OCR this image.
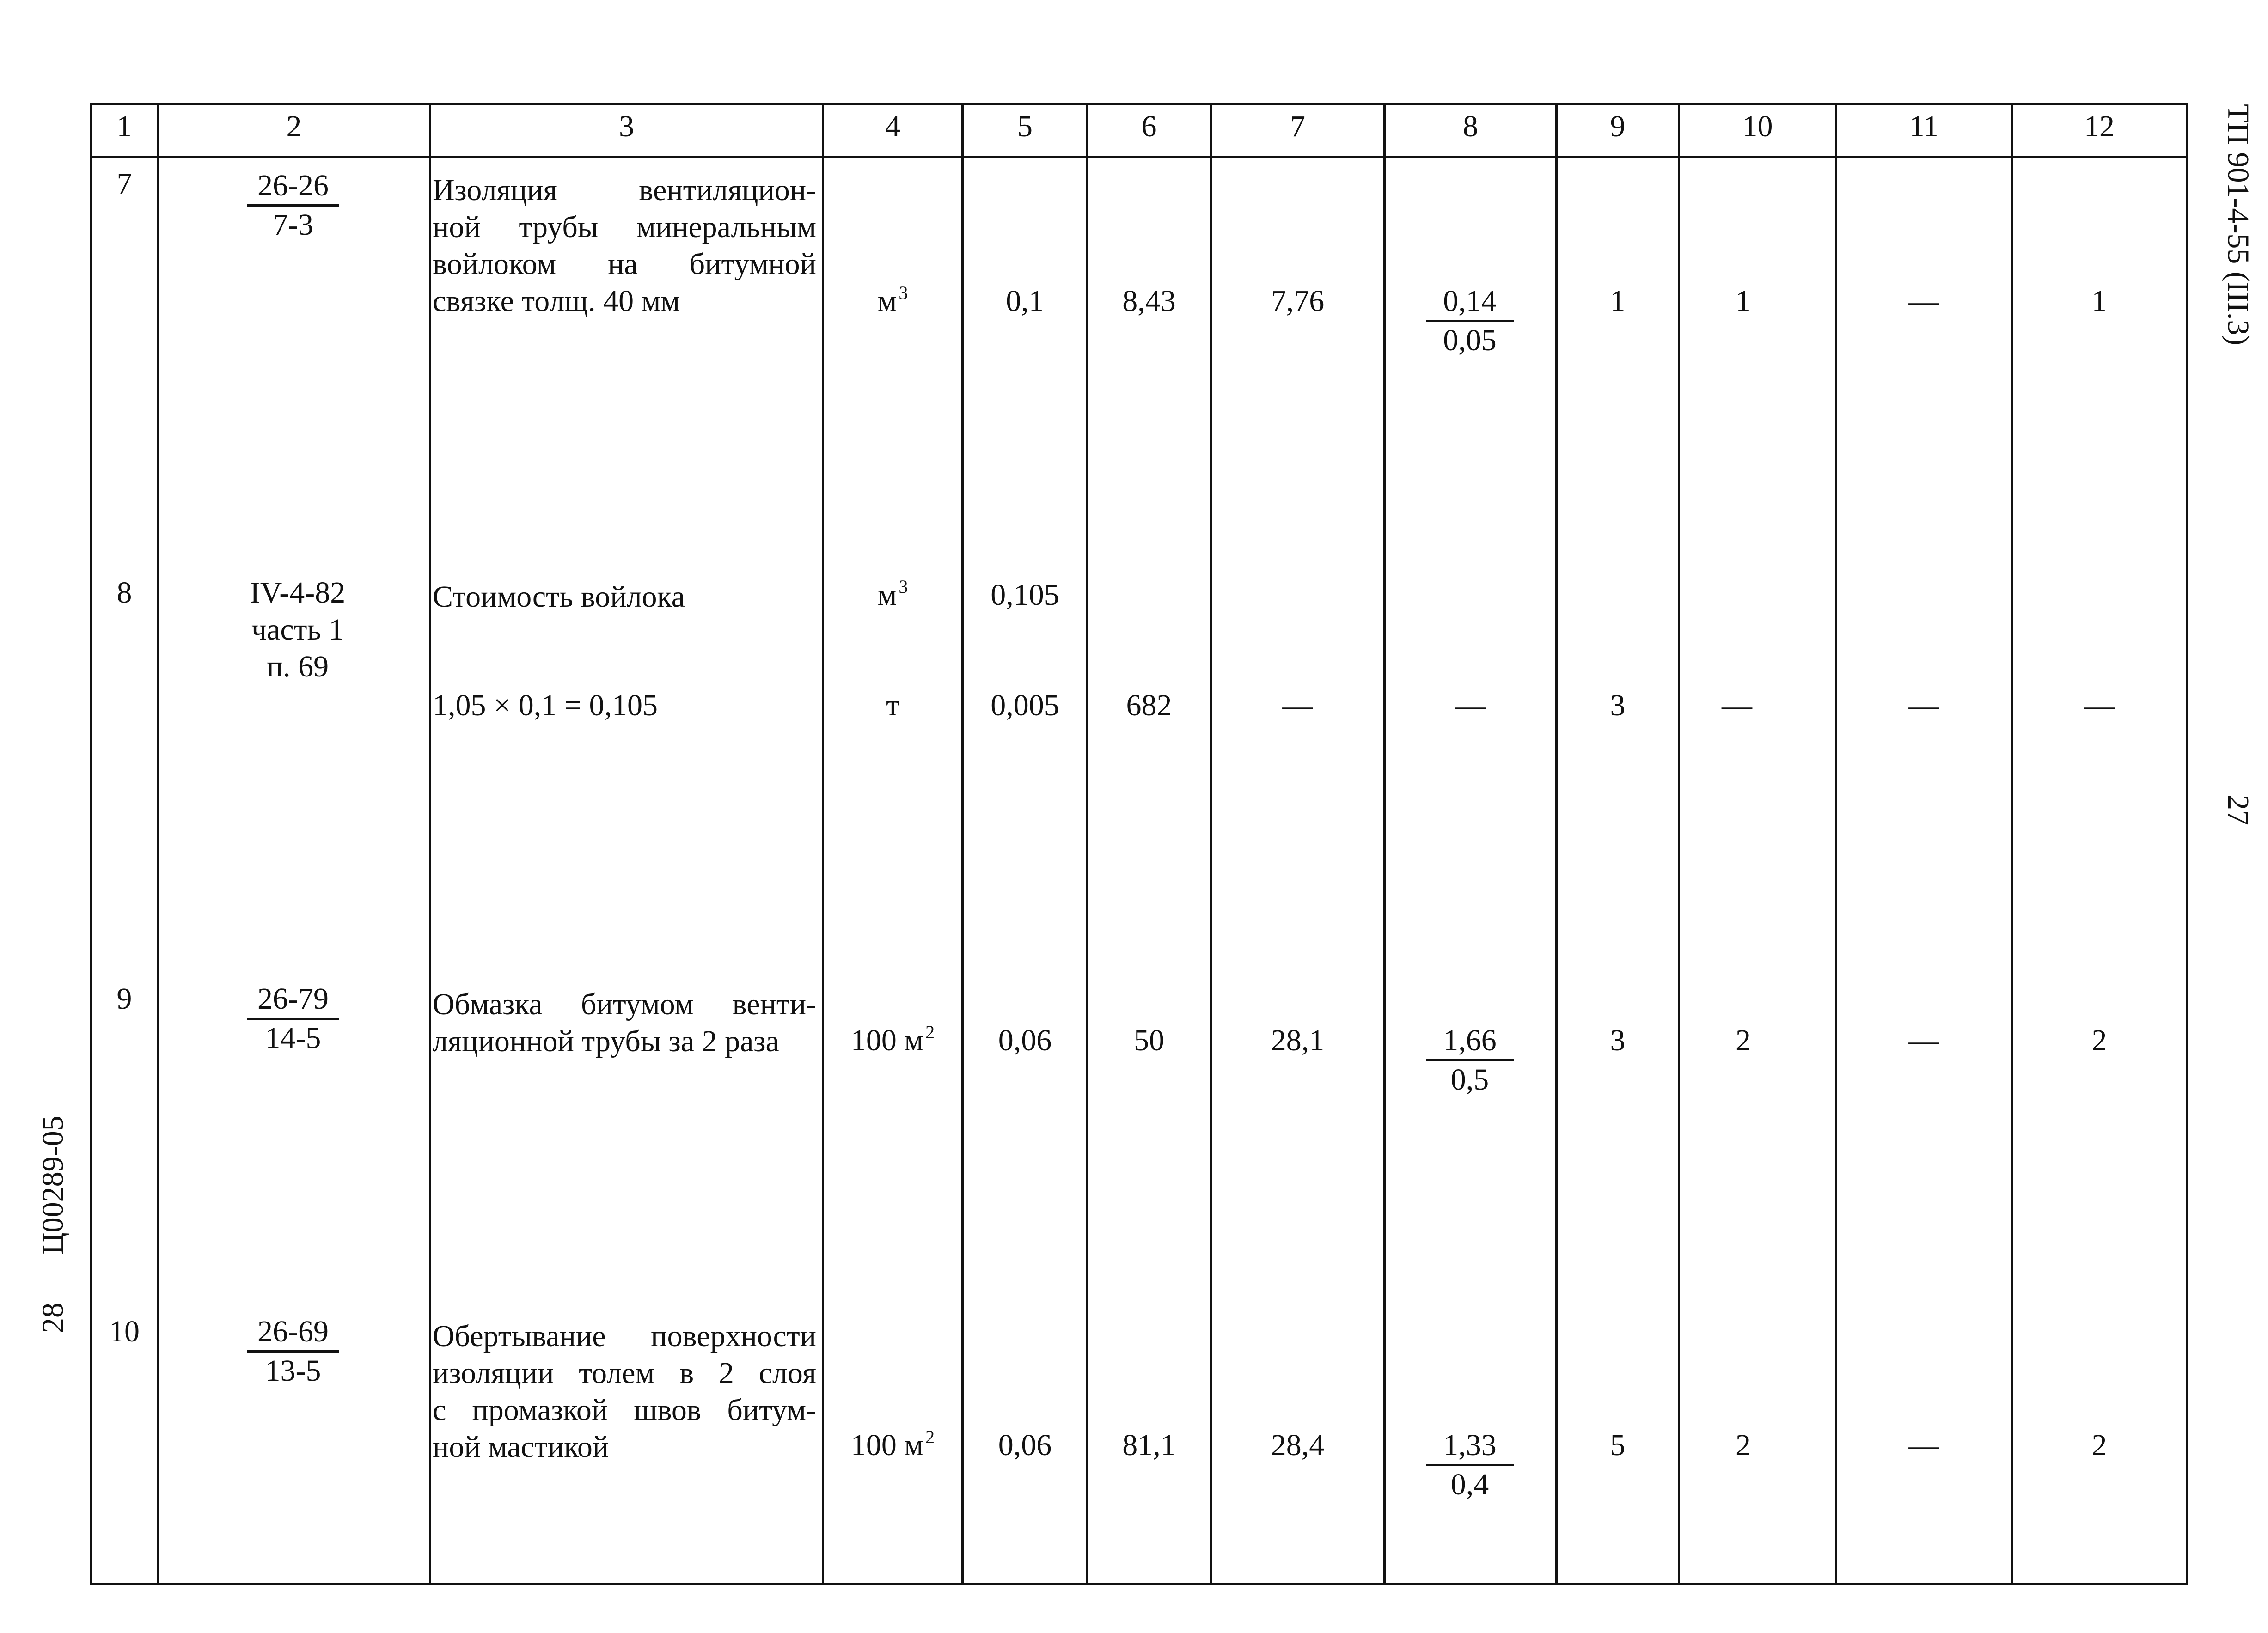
1	2	3	4	5	6	7	8	9	10	11	12
7	$\frac{26-26}{7-3}$	Изоляция вентиляцион-
ной трубы минеральным
войлоком на битумной
связке толщ. 40 мм	м $^3$	0,1	8,43	7,76	$\frac{0,14}{0,05}$	1	1	—	1
8	IV-4-82
часть 1
п. 69
Стоимость войлока	м $^3$	0,105
1,05 × 0,1 = 0,105	т	0,005	682	—	—	3	—	—	—
9	$\frac{26-79}{14-5}$	Обмазка битумом венти-
ляционной трубы за 2 раза	100 м $^2$	0,06	50	28,1	$\frac{1,66}{0,5}$	3	2	—	2
10	$\frac{26-69}{13-5}$	Обертывание поверхности
изоляции толем в 2 слоя
с промазкой швов битум-
ной мастикой	100 м $^2$	0,06	81,1	28,4	$\frac{1,33}{0,4}$	5	2	—	2
ТП 901-4-55 (III.3)
27
Ц00289-05
28
